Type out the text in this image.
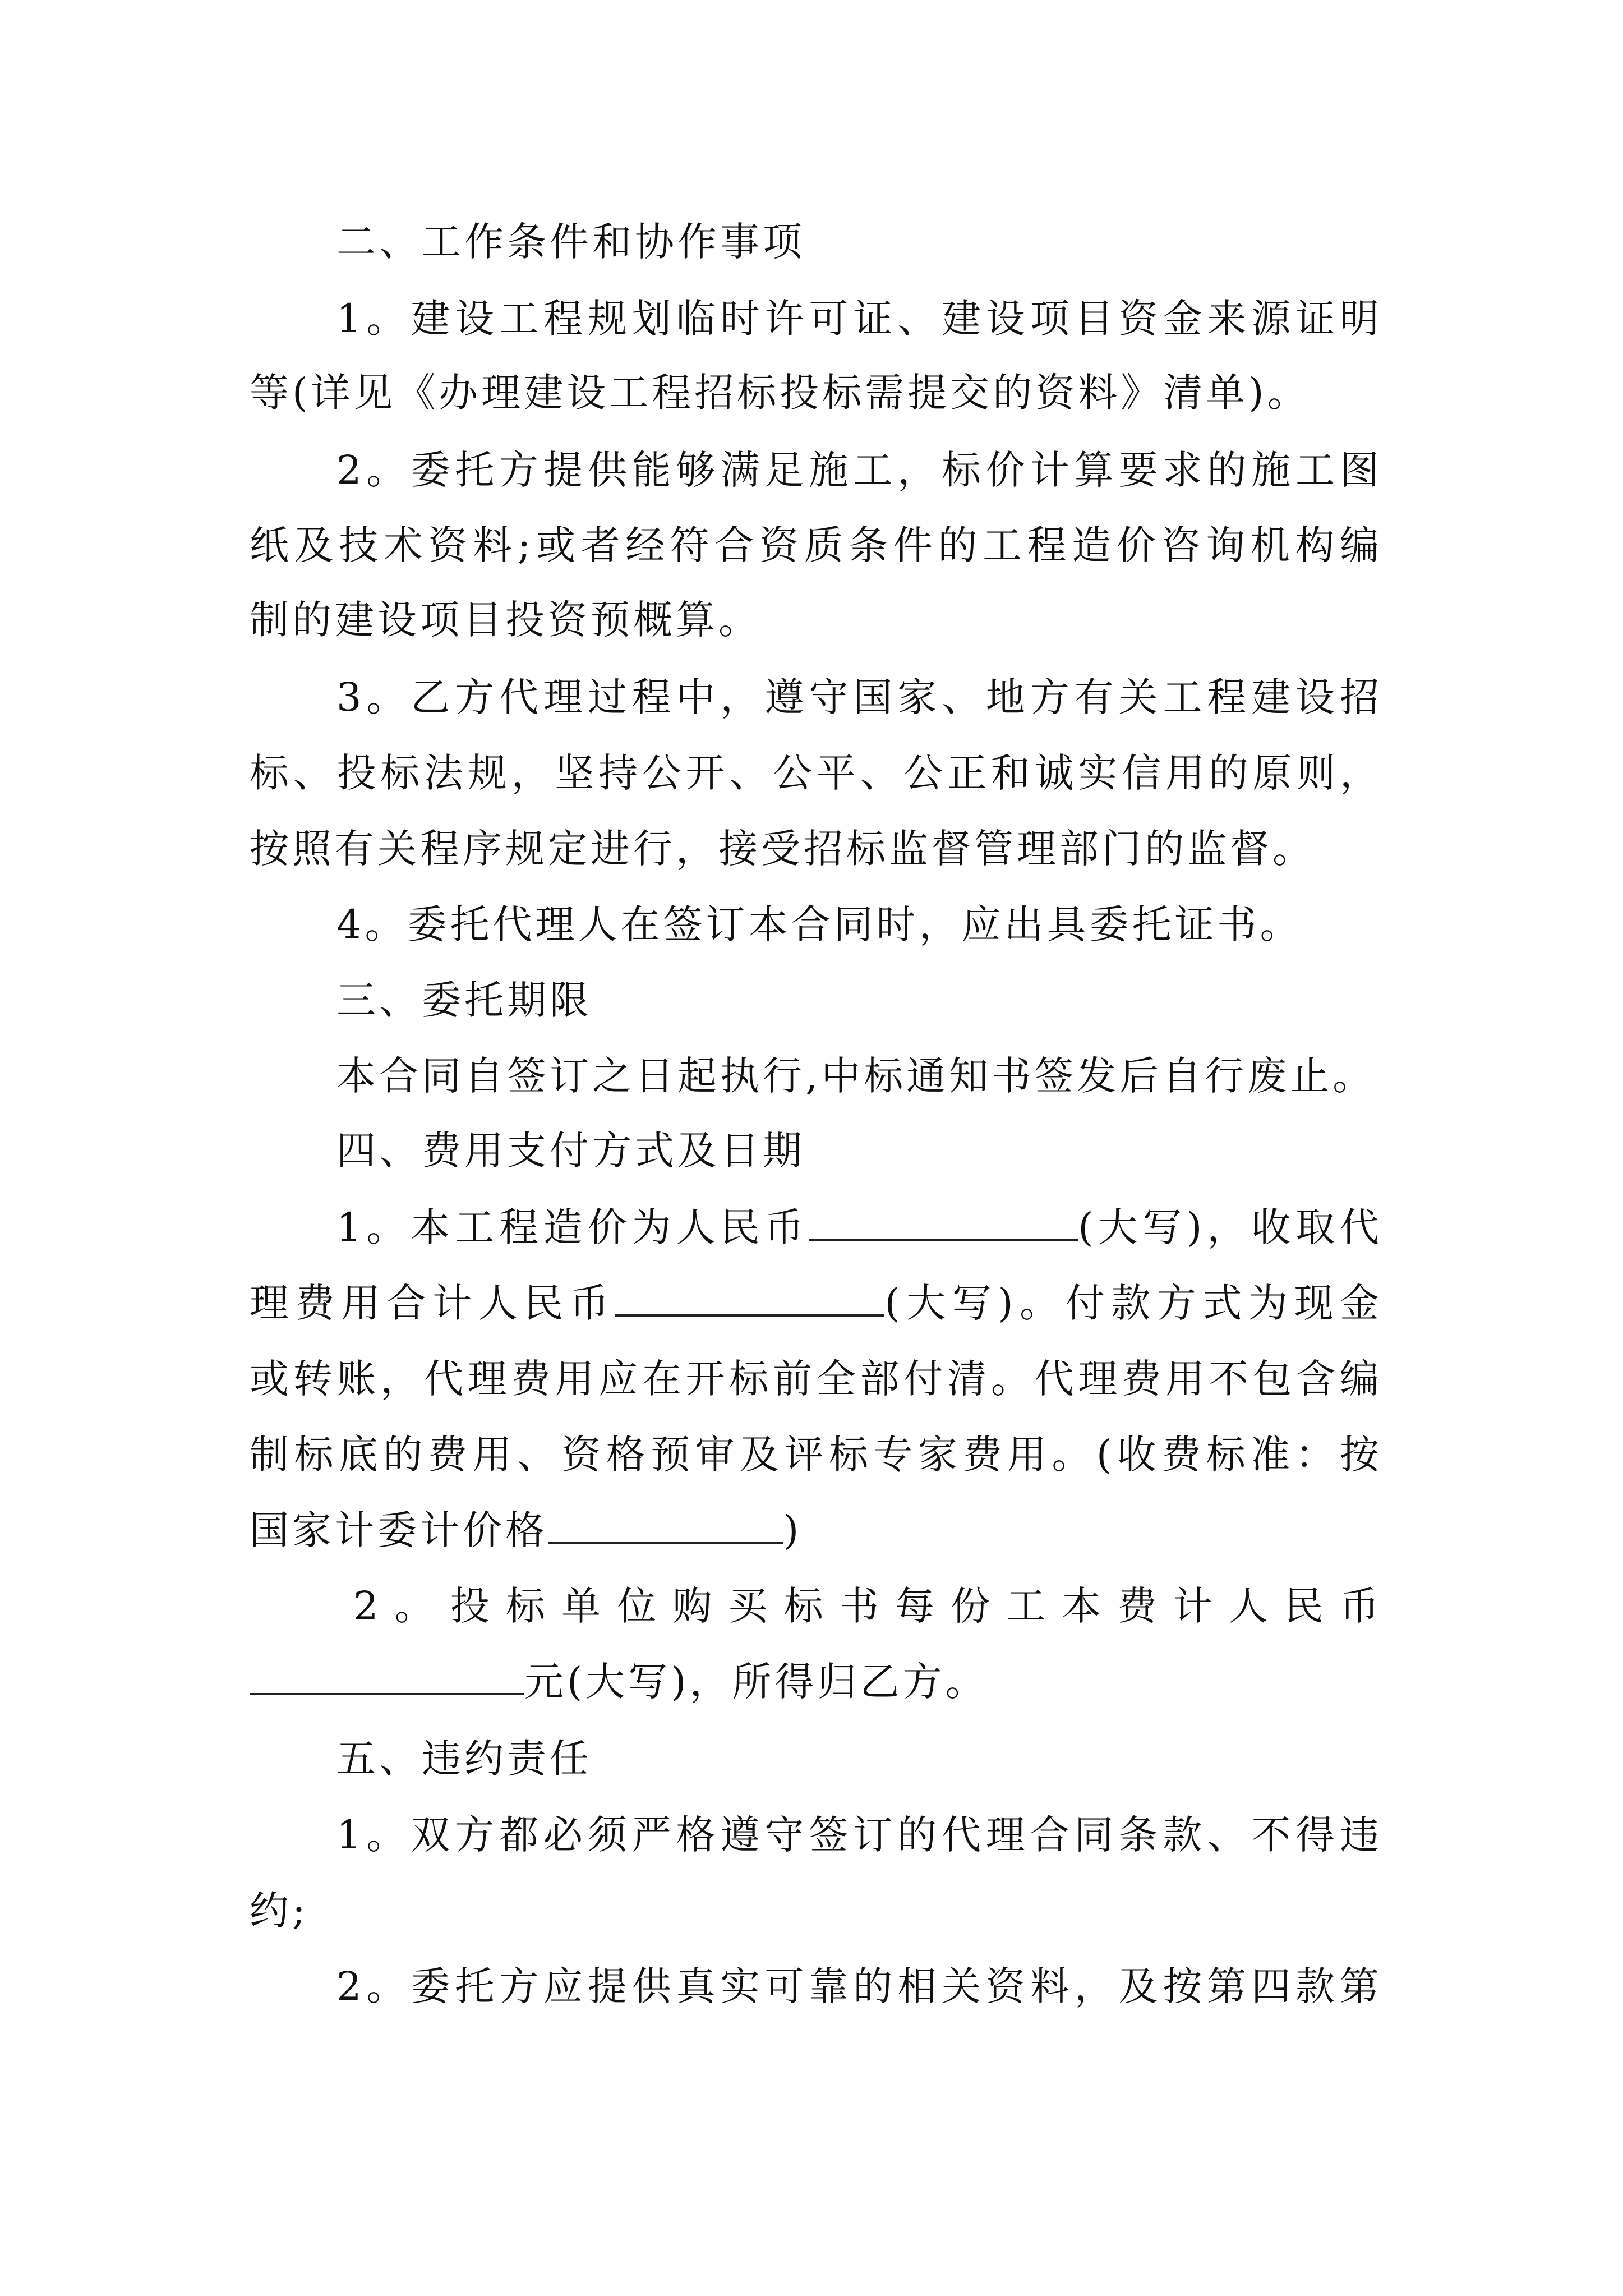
二、工作条件和协作事项
1。建设工程规划临时许可证、建设项目资金来源证明
等(详见《办理建设工程招标投标需提交的资料》清单)。
2。委托方提供能够满足施工，标价计算要求的施工图
纸及技术资料;或者经符合资质条件的工程造价咨询机构编
制的建设项目投资预概算。
3。乙方代理过程中，遵守国家、地方有关工程建设招
标、投标法规，坚持公开、公平、公正和诚实信用的原则，
按照有关程序规定进行，接受招标监督管理部门的监督。
4。委托代理人在签订本合同时，应出具委托证书。
三、委托期限
本合同自签订之日起执行,中标通知书签发后自行废止。
四、费用支付方式及日期
1。本工程造价为人民币	(大写)，收取代
理费用合计人民币	(大写)。付款方式为现金
或转账，代理费用应在开标前全部付清。代理费用不包含编
制标底的费用、资格预审及评标专家费用。(收费标准：按
国家计委计价格	)
2。投标单位购买标书每份工本费计人民币
元(大写)，所得归乙方。
五、违约责任
1。双方都必须严格遵守签订的代理合同条款、不得违
约;
2。委托方应提供真实可靠的相关资料，及按第四款第
